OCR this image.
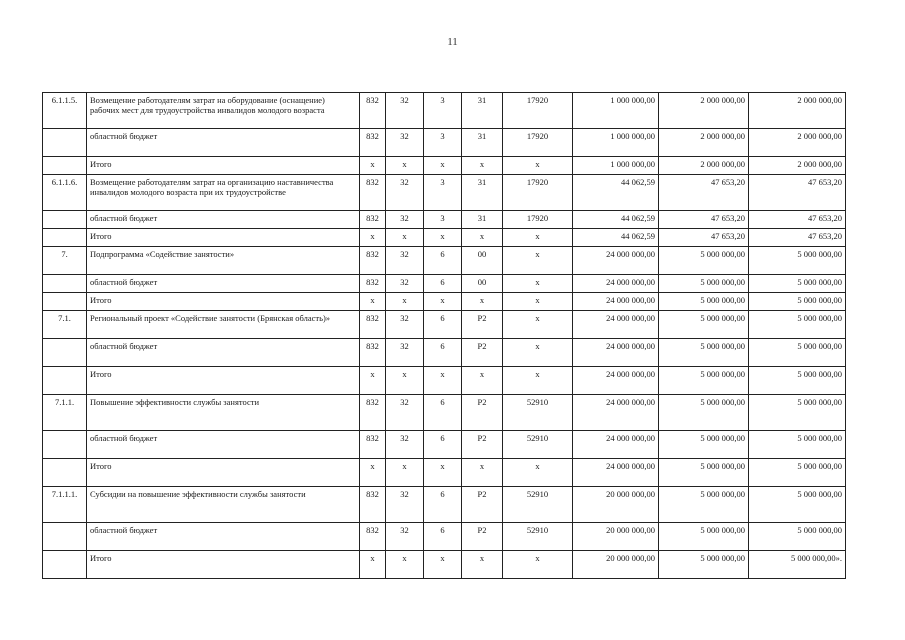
11
6.1.1.5.	Возмещение работодателям затрат на оборудование (оснащение) рабочих мест для трудоустройства инвалидов молодого возраста	832	32	3	31	17920	1 000 000,00	2 000 000,00	2 000 000,00
	областной бюджет	832	32	3	31	17920	1 000 000,00	2 000 000,00	2 000 000,00
	Итого	х	х	х	х	х	1 000 000,00	2 000 000,00	2 000 000,00
6.1.1.6.	Возмещение работодателям затрат на организацию наставничества инвалидов молодого возраста при их трудоустройстве	832	32	3	31	17920	44 062,59	47 653,20	47 653,20
	областной бюджет	832	32	3	31	17920	44 062,59	47 653,20	47 653,20
	Итого	х	х	х	х	х	44 062,59	47 653,20	47 653,20
7.	Подпрограмма «Содействие занятости»	832	32	6	00	х	24 000 000,00	5 000 000,00	5 000 000,00
	областной бюджет	832	32	6	00	х	24 000 000,00	5 000 000,00	5 000 000,00
	Итого	х	х	х	х	х	24 000 000,00	5 000 000,00	5 000 000,00
7.1.	Региональный проект «Содействие занятости (Брянская область)»	832	32	6	Р2	х	24 000 000,00	5 000 000,00	5 000 000,00
	областной бюджет	832	32	6	Р2	х	24 000 000,00	5 000 000,00	5 000 000,00
	Итого	х	х	х	х	х	24 000 000,00	5 000 000,00	5 000 000,00
7.1.1.	Повышение эффективности службы занятости	832	32	6	Р2	52910	24 000 000,00	5 000 000,00	5 000 000,00
	областной бюджет	832	32	6	Р2	52910	24 000 000,00	5 000 000,00	5 000 000,00
	Итого	х	х	х	х	х	24 000 000,00	5 000 000,00	5 000 000,00
7.1.1.1.	Субсидии на повышение эффективности службы занятости	832	32	6	Р2	52910	20 000 000,00	5 000 000,00	5 000 000,00
	областной бюджет	832	32	6	Р2	52910	20 000 000,00	5 000 000,00	5 000 000,00
	Итого	х	х	х	х	х	20 000 000,00	5 000 000,00	5 000 000,00».
